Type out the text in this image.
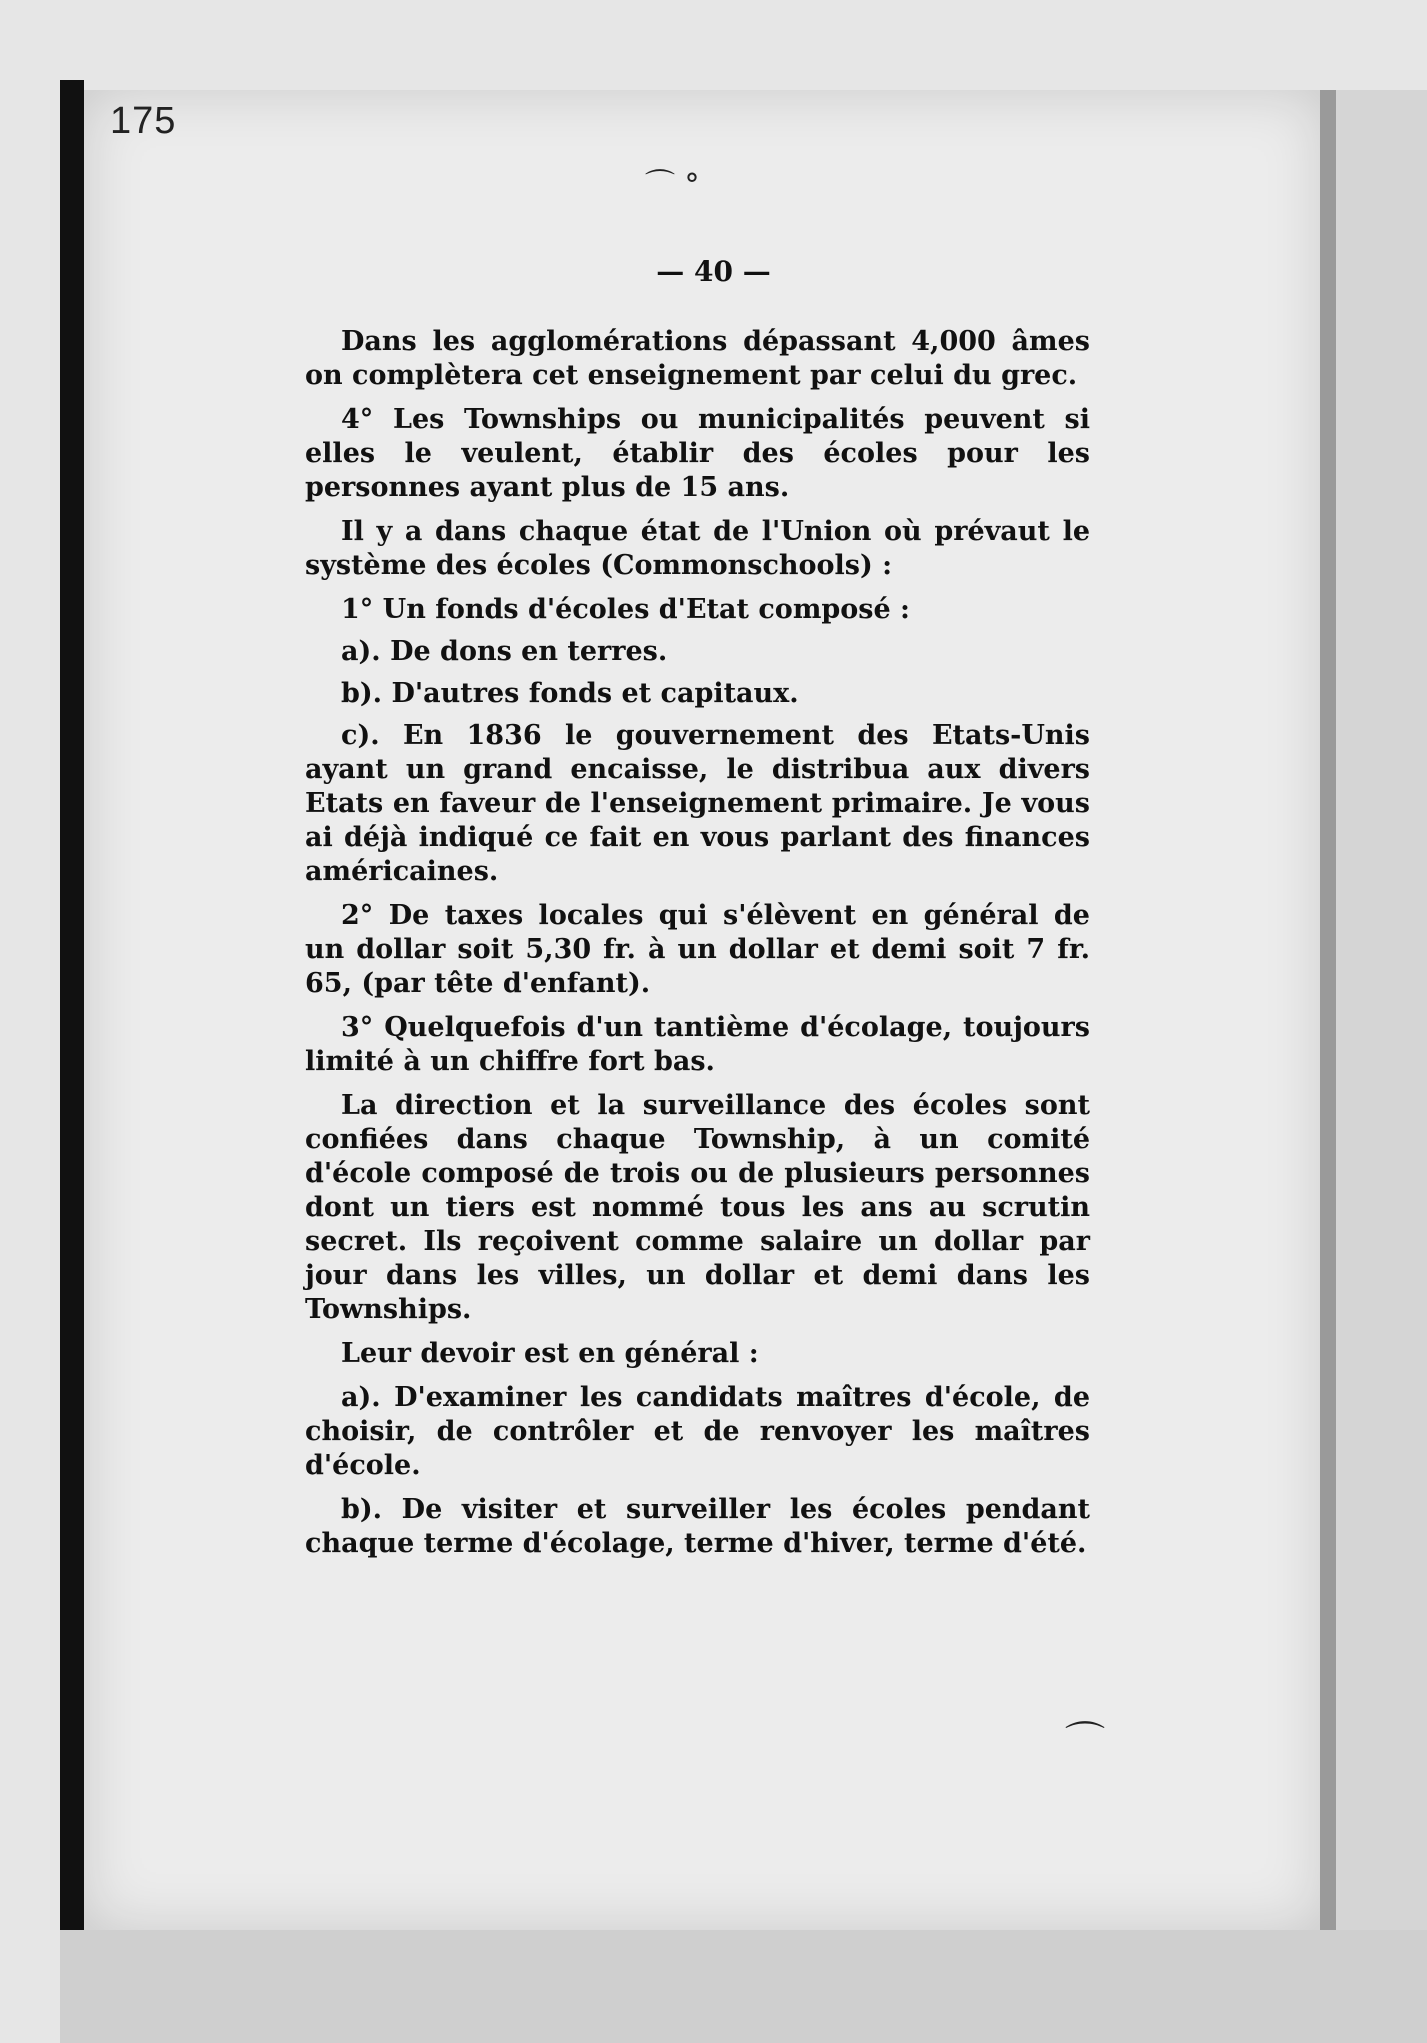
175
⌒ °
— 40 —

Dans les agglomérations dépassant 4,000 âmes on complètera cet enseignement par celui du grec.

4° Les Townships ou municipalités peuvent si elles le veulent, établir des écoles pour les personnes ayant plus de 15 ans.

Il y a dans chaque état de l'Union où prévaut le système des écoles (Commonschools) :

1° Un fonds d'écoles d'Etat composé :

a). De dons en terres.

b). D'autres fonds et capitaux.

c). En 1836 le gouvernement des Etats-Unis ayant un grand encaisse, le distribua aux divers Etats en faveur de l'enseignement primaire. Je vous ai déjà indiqué ce fait en vous parlant des finances américaines.

2° De taxes locales qui s'élèvent en général de un dollar soit 5,30 fr. à un dollar et demi soit 7 fr. 65, (par tête d'enfant).

3° Quelquefois d'un tantième d'écolage, toujours limité à un chiffre fort bas.

La direction et la surveillance des écoles sont confiées dans chaque Township, à un comité d'école composé de trois ou de plusieurs personnes dont un tiers est nommé tous les ans au scrutin secret. Ils reçoivent comme salaire un dollar par jour dans les villes, un dollar et demi dans les Townships.

Leur devoir est en général :

a). D'examiner les candidats maîtres d'école, de choisir, de contrôler et de renvoyer les maîtres d'école.

b). De visiter et surveiller les écoles pendant chaque terme d'écolage, terme d'hiver, terme d'été.

⌒
